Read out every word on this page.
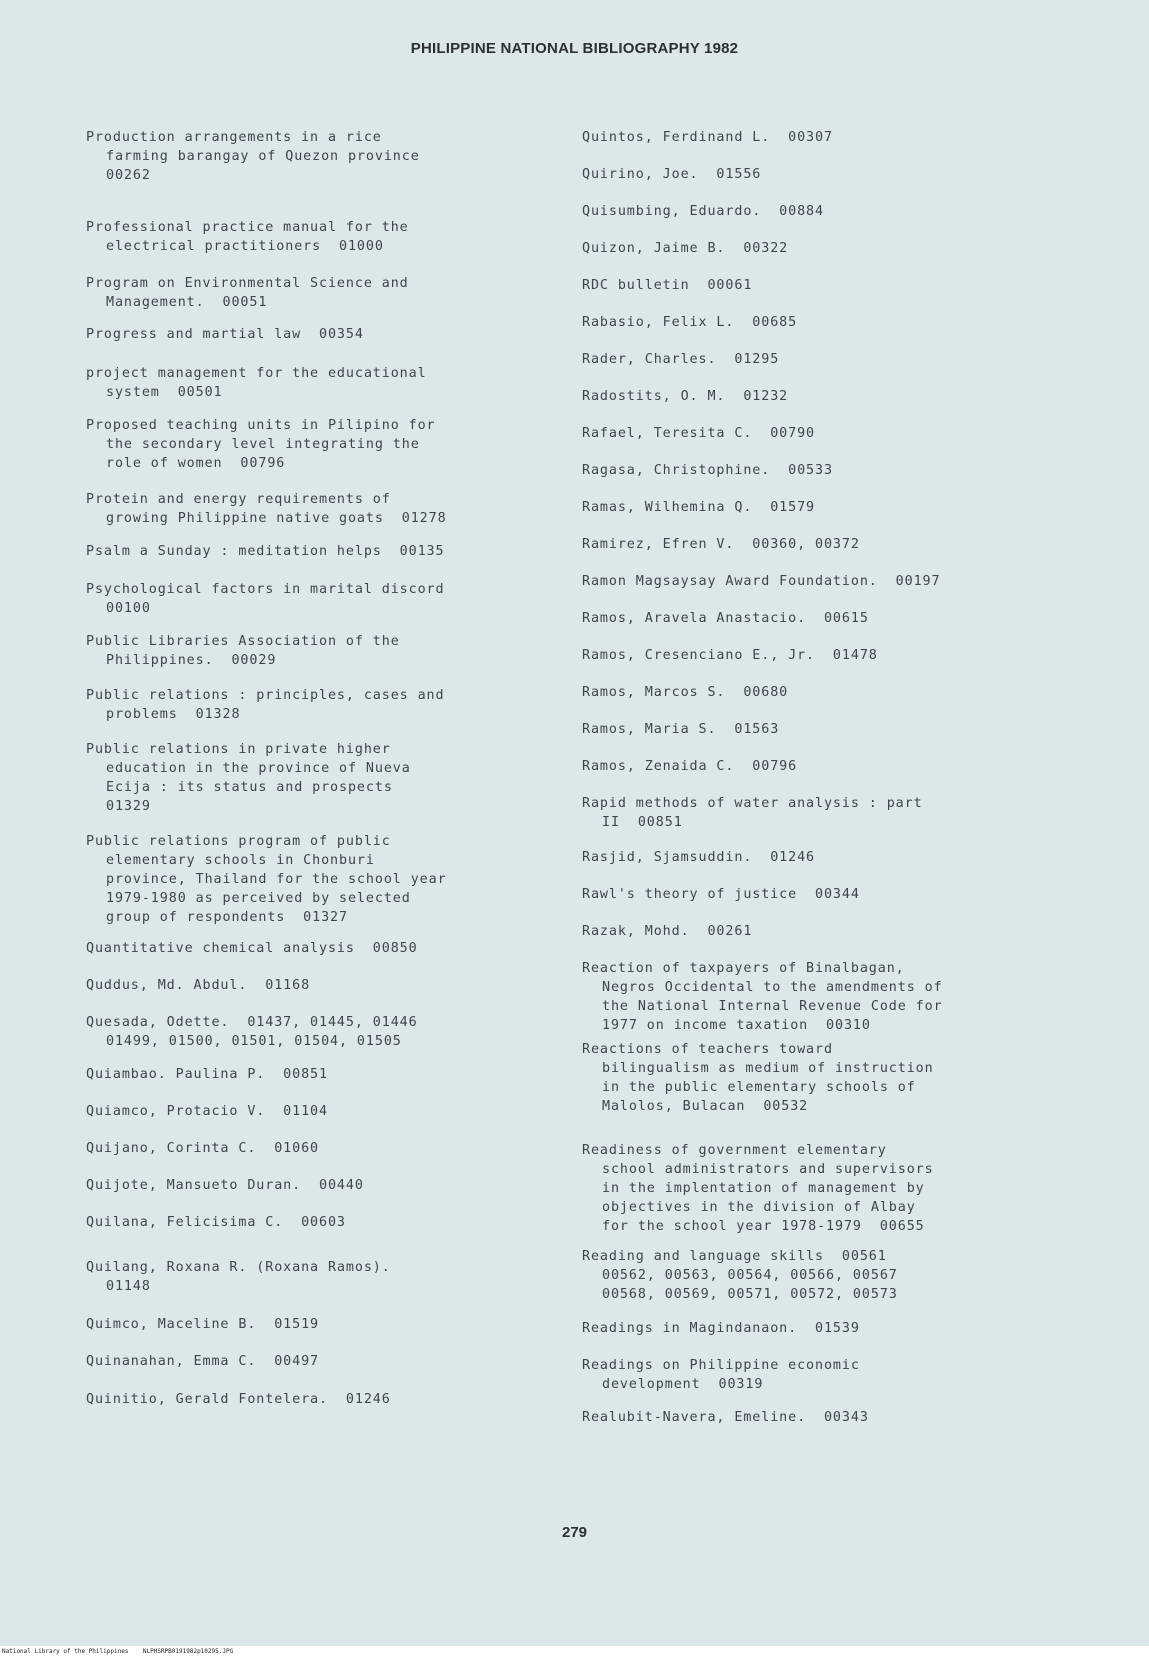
PHILIPPINE NATIONAL BIBLIOGRAPHY 1982
Production arrangements in a rice
farming barangay of Quezon province
00262
Professional practice manual for the
electrical practitioners  01000
Program on Environmental Science and
Management.  00051
Progress and martial law  00354
project management for the educational
system  00501
Proposed teaching units in Pilipino for
the secondary level integrating the
role of women  00796
Protein and energy requirements of
growing Philippine native goats  01278
Psalm a Sunday : meditation helps  00135
Psychological factors in marital discord
00100
Public Libraries Association of the
Philippines.  00029
Public relations : principles, cases and
problems  01328
Public relations in private higher
education in the province of Nueva
Ecija : its status and prospects
01329
Public relations program of public
elementary schools in Chonburi
province, Thailand for the school year
1979-1980 as perceived by selected
group of respondents  01327
Quantitative chemical analysis  00850
Quddus, Md. Abdul.  01168
Quesada, Odette.  01437, 01445, 01446
01499, 01500, 01501, 01504, 01505
Quiambao. Paulina P.  00851
Quiamco, Protacio V.  01104
Quijano, Corinta C.  01060
Quijote, Mansueto Duran.  00440
Quilana, Felicisima C.  00603
Quilang, Roxana R. (Roxana Ramos).
01148
Quimco, Maceline B.  01519
Quinanahan, Emma C.  00497
Quinitio, Gerald Fontelera.  01246
Quintos, Ferdinand L.  00307
Quirino, Joe.  01556
Quisumbing, Eduardo.  00884
Quizon, Jaime B.  00322
RDC bulletin  00061
Rabasio, Felix L.  00685
Rader, Charles.  01295
Radostits, O. M.  01232
Rafael, Teresita C.  00790
Ragasa, Christophine.  00533
Ramas, Wilhemina Q.  01579
Ramirez, Efren V.  00360, 00372
Ramon Magsaysay Award Foundation.  00197
Ramos, Aravela Anastacio.  00615
Ramos, Cresenciano E., Jr.  01478
Ramos, Marcos S.  00680
Ramos, Maria S.  01563
Ramos, Zenaida C.  00796
Rapid methods of water analysis : part
II  00851
Rasjid, Sjamsuddin.  01246
Rawl's theory of justice  00344
Razak, Mohd.  00261
Reaction of taxpayers of Binalbagan,
Negros Occidental to the amendments of
the National Internal Revenue Code for
1977 on income taxation  00310
Reactions of teachers toward
bilingualism as medium of instruction
in the public elementary schools of
Malolos, Bulacan  00532
Readiness of government elementary
school administrators and supervisors
in the implentation of management by
objectives in the division of Albay
for the school year 1978-1979  00655
Reading and language skills  00561
00562, 00563, 00564, 00566, 00567
00568, 00569, 00571, 00572, 00573
Readings in Magindanaon.  01539
Readings on Philippine economic
development  00319
Realubit-Navera, Emeline.  00343
279
National Library of the Philippines    NLPHSRPB0191982p10295.JPG
